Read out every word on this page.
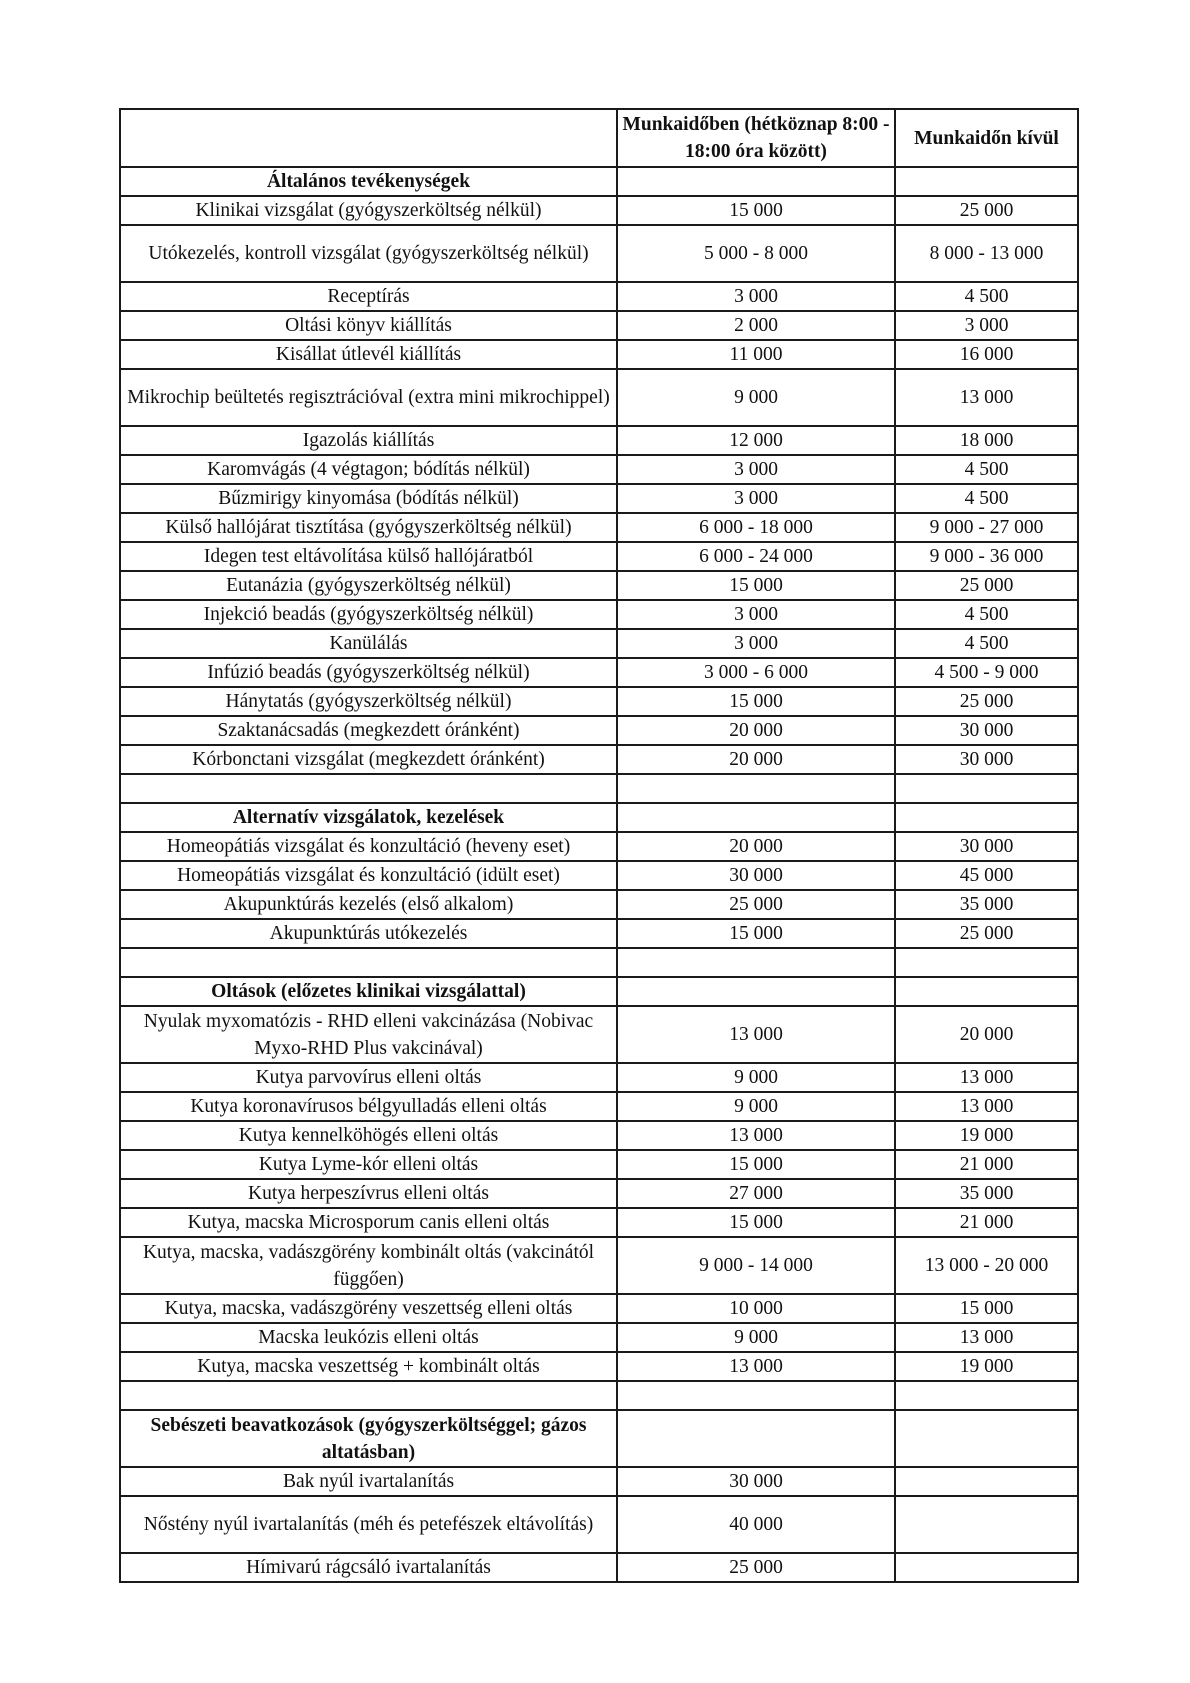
	Munkaidőben (hétköznap 8:00 - 18:00 óra között)	Munkaidőn kívül
Általános tevékenységek		
Klinikai vizsgálat (gyógyszerköltség nélkül)	15 000	25 000
Utókezelés, kontroll vizsgálat (gyógyszerköltség nélkül)	5 000 - 8 000	8 000 - 13 000
Receptírás	3 000	4 500
Oltási könyv kiállítás	2 000	3 000
Kisállat útlevél kiállítás	11 000	16 000
Mikrochip beültetés regisztrációval (extra mini mikrochippel)	9 000	13 000
Igazolás kiállítás	12 000	18 000
Karomvágás (4 végtagon; bódítás nélkül)	3 000	4 500
Bűzmirigy kinyomása (bódítás nélkül)	3 000	4 500
Külső hallójárat tisztítása (gyógyszerköltség nélkül)	6 000 - 18 000	9 000 - 27 000
Idegen test eltávolítása külső hallójáratból	6 000 - 24 000	9 000 - 36 000
Eutanázia (gyógyszerköltség nélkül)	15 000	25 000
Injekció beadás (gyógyszerköltség nélkül)	3 000	4 500
Kanülálás	3 000	4 500
Infúzió beadás (gyógyszerköltség nélkül)	3 000 - 6 000	4 500 - 9 000
Hánytatás (gyógyszerköltség nélkül)	15 000	25 000
Szaktanácsadás (megkezdett óránként)	20 000	30 000
Kórbonctani vizsgálat (megkezdett óránként)	20 000	30 000

Alternatív vizsgálatok, kezelések		
Homeopátiás vizsgálat és konzultáció (heveny eset)	20 000	30 000
Homeopátiás vizsgálat és konzultáció (idült eset)	30 000	45 000
Akupunktúrás kezelés (első alkalom)	25 000	35 000
Akupunktúrás utókezelés	15 000	25 000

Oltások (előzetes klinikai vizsgálattal)		
Nyulak myxomatózis - RHD elleni vakcinázása (Nobivac Myxo-RHD Plus vakcinával)	13 000	20 000
Kutya parvovírus elleni oltás	9 000	13 000
Kutya koronavírusos bélgyulladás elleni oltás	9 000	13 000
Kutya kennelköhögés elleni oltás	13 000	19 000
Kutya Lyme-kór elleni oltás	15 000	21 000
Kutya herpeszívrus elleni oltás	27 000	35 000
Kutya, macska Microsporum canis elleni oltás	15 000	21 000
Kutya, macska, vadászgörény kombinált oltás (vakcinától függően)	9 000 - 14 000	13 000 - 20 000
Kutya, macska, vadászgörény veszettség elleni oltás	10 000	15 000
Macska leukózis elleni oltás	9 000	13 000
Kutya, macska veszettség + kombinált oltás	13 000	19 000

Sebészeti beavatkozások (gyógyszerköltséggel; gázos altatásban)		
Bak nyúl ivartalanítás	30 000	
Nőstény nyúl ivartalanítás (méh és petefészek eltávolítás)	40 000	
Hímivarú rágcsáló ivartalanítás	25 000	
